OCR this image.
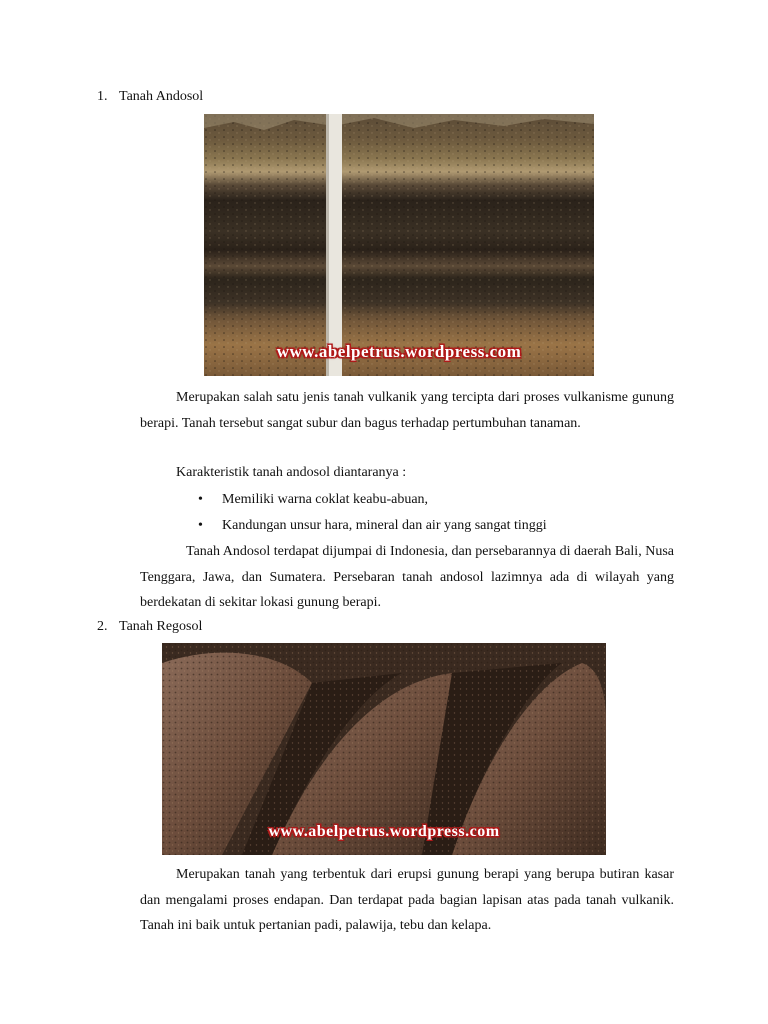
1. Tanah Andosol
www.abelpetrus.wordpress.com

Merupakan salah satu jenis tanah vulkanik yang tercipta dari proses vulkanisme gunung berapi. Tanah tersebut sangat subur dan bagus terhadap pertumbuhan tanaman.

Karakteristik tanah andosol diantaranya :

• Memiliki warna coklat keabu-abuan,
• Kandungan unsur hara, mineral dan air yang sangat tinggi

Tanah Andosol terdapat dijumpai di Indonesia, dan persebarannya di daerah Bali, Nusa Tenggara, Jawa, dan Sumatera. Persebaran tanah andosol lazimnya ada di wilayah yang berdekatan di sekitar lokasi gunung berapi.

2. Tanah Regosol
www.abelpetrus.wordpress.com

Merupakan tanah yang terbentuk dari erupsi gunung berapi yang berupa butiran kasar dan mengalami proses endapan. Dan terdapat pada bagian lapisan atas pada tanah vulkanik. Tanah ini baik untuk pertanian padi, palawija, tebu dan kelapa.
